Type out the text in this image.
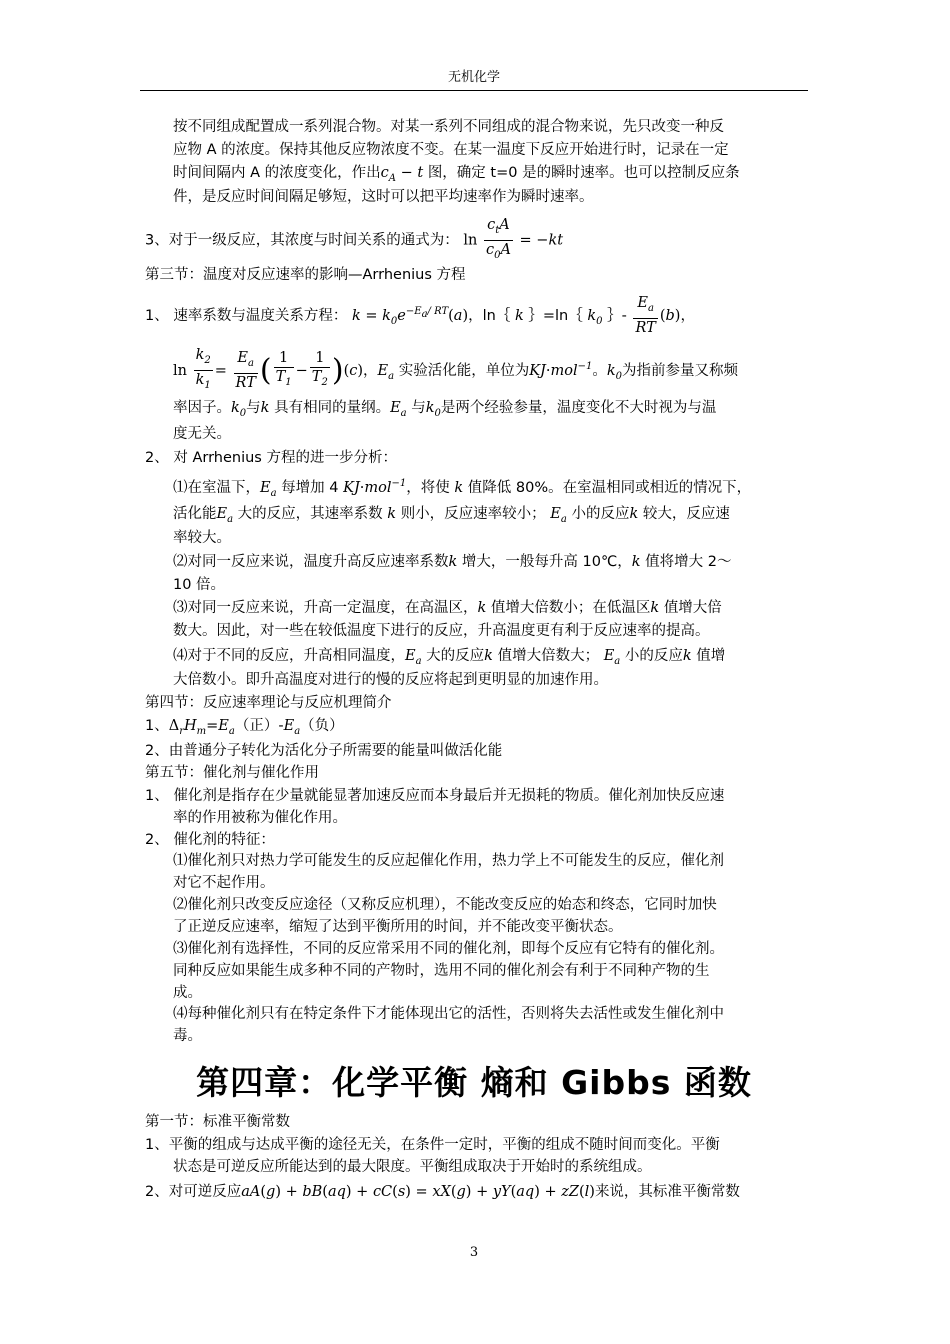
无机化学
按不同组成配置成一系列混合物。对某一系列不同组成的混合物来说，先只改变一种反
应物 A 的浓度。保持其他反应物浓度不变。在某一温度下反应开始进行时，记录在一定
时间间隔内 A 的浓度变化，作出$c_A - t$ 图，确定 t=0 是的瞬时速率。也可以控制反应条
件，是反应时间间隔足够短，这时可以把平均速率作为瞬时速率。
3、对于一级反应，其浓度与时间关系的通式为： $\ln \frac{c_tA}{c_0A} = -kt$
第三节：温度对反应速率的影响—Arrhenius 方程
1、 速率系数与温度关系方程： $k = k_0e^{-E_a/ RT}(a)$，ln｛ k ｝=ln｛ $k_0$ ｝- $\frac{E_a}{RT} (b)$，
$\ln \frac{k_2}{k_1} = \frac{E_a}{RT}$ ( $\frac{1}{T_1} - \frac{1}{T_2} )(c)$，$E_a$ 实验活化能，单位为KJ·mol$^{-1}$。$k_0$为指前参量又称频
率因子。$k_0$与k 具有相同的量纲。$E_a$ 与$k_0$是两个经验参量，温度变化不大时视为与温
度无关。
2、 对 Arrhenius 方程的进一步分析：
⑴在室温下，$E_a$ 每增加 4 KJ·mol$^{-1}$，将使 k 值降低 80%。在室温相同或相近的情况下，
活化能$E_a$ 大的反应，其速率系数 k 则小，反应速率较小； $E_a$ 小的反应k 较大，反应速
率较大。
⑵对同一反应来说，温度升高反应速率系数k 增大，一般每升高 10℃，k 值将增大 2～
10 倍。
⑶对同一反应来说，升高一定温度，在高温区，k 值增大倍数小；在低温区k 值增大倍
数大。因此，对一些在较低温度下进行的反应，升高温度更有利于反应速率的提高。
⑷对于不同的反应，升高相同温度，$E_a$ 大的反应k 值增大倍数大； $E_a$ 小的反应k 值增
大倍数小。即升高温度对进行的慢的反应将起到更明显的加速作用。
第四节：反应速率理论与反应机理简介
1、$\Delta_rH_m=E_a$（正）$-E_a$（负）
2、由普通分子转化为活化分子所需要的能量叫做活化能
第五节：催化剂与催化作用
1、 催化剂是指存在少量就能显著加速反应而本身最后并无损耗的物质。催化剂加快反应速
率的作用被称为催化作用。
2、 催化剂的特征：
⑴催化剂只对热力学可能发生的反应起催化作用，热力学上不可能发生的反应，催化剂
对它不起作用。
⑵催化剂只改变反应途径（又称反应机理），不能改变反应的始态和终态，它同时加快
了正逆反应速率，缩短了达到平衡所用的时间，并不能改变平衡状态。
⑶催化剂有选择性，不同的反应常采用不同的催化剂，即每个反应有它特有的催化剂。
同种反应如果能生成多种不同的产物时，选用不同的催化剂会有利于不同种产物的生
成。
⑷每种催化剂只有在特定条件下才能体现出它的活性，否则将失去活性或发生催化剂中
毒。
第四章：化学平衡 熵和 Gibbs 函数
第一节：标准平衡常数
1、平衡的组成与达成平衡的途径无关，在条件一定时，平衡的组成不随时间而变化。平衡
状态是可逆反应所能达到的最大限度。平衡组成取决于开始时的系统组成。
2、对可逆反应aA(g) + bB(aq) + cC(s) = xX(g) + yY(aq) + zZ(l)来说，其标准平衡常数
3
